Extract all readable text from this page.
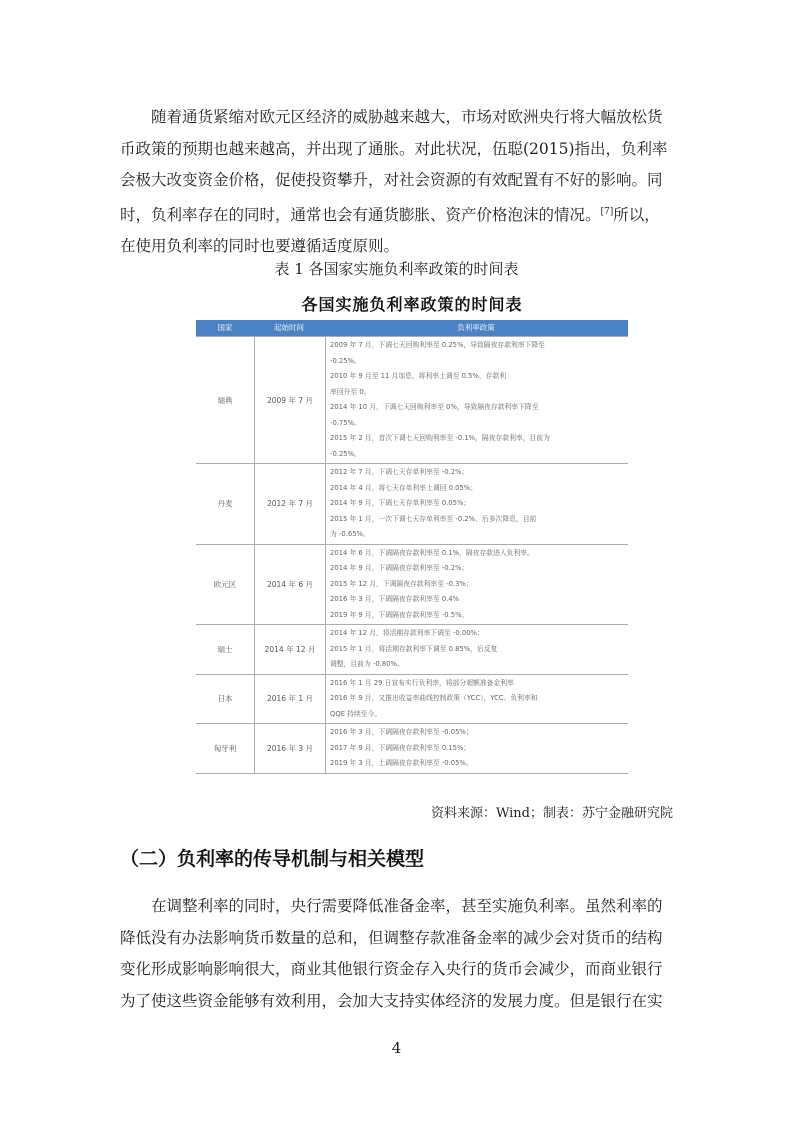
随着通货紧缩对欧元区经济的威胁越来越大，市场对欧洲央行将大幅放松货
币政策的预期也越来越高，并出现了通胀。对此状况，伍聪(2015)指出，负利率
会极大改变资金价格，促使投资攀升，对社会资源的有效配置有不好的影响。同
时，负利率存在的同时，通常也会有通货膨胀、资产价格泡沫的情况。[7]所以，
在使用负利率的同时也要遵循适度原则。

表 1 各国家实施负利率政策的时间表

各国实施负利率政策的时间表
国家	起始时间	负利率政策
瑞典	2009 年 7 月
2009 年 7 月，下调七天回购利率至 0.25%，导致隔夜存款利率下降至
-0.25%。
2010 年 9 月至 11 月加息，将利率上调至 0.5%，存款利
率回升至 0。
2014 年 10 月，下调七天回购利率至 0%，导致隔夜存款利率下降至
-0.75%。
2015 年 2 月，首次下调七天回购利率至 -0.1%，隔夜存款利率，目前为
-0.25%。
丹麦	2012 年 7 月
2012 年 7 月，下调七天存单利率至 -0.2%；
2014 年 4 月，将七天存单利率上调回 0.05%；
2014 年 9 月，下调七天存单利率至 0.05%；
2015 年 1 月，一次下调七天存单利率至 -0.2%，后多次降息，目前
为 -0.65%。
欧元区	2014 年 6 月
2014 年 6 月，下调隔夜存款利率至 0.1%，隔夜存款进入负利率。
2014 年 9 月，下调隔夜存款利率至 -0.2%；
2015 年 12 月，下调隔夜存款利率至 -0.3%；
2016 年 3 月，下调隔夜存款利率至 0.4%
2019 年 9 月，下调隔夜存款利率至 -0.5%。
瑞士	2014 年 12 月
2014 年 12 月，将活期存款利率下调至 -0.00%；
2015 年 1 月，将活期存款利率下调至 0.85%，后反复
调整，目前为 -0.80%。
日本	2016 年 1 月
2016 年 1 月 29 日宣布实行负利率，将部分超额准备金利率
2016 年 9 月，又推出收益率曲线控制政策（YCC），YCC、负利率和
QQE 持续至今。
匈牙利	2016 年 3 月
2016 年 3 月，下调隔夜存款利率至 -0.05%；
2017 年 9 月，下调隔夜存款利率至 0.15%；
2019 年 3 月，上调隔夜存款利率至 -0.05%。

资料来源：Wind；制表：苏宁金融研究院

（二）负利率的传导机制与相关模型
在调整利率的同时，央行需要降低准备金率，甚至实施负利率。虽然利率的
降低没有办法影响货币数量的总和，但调整存款准备金率的减少会对货币的结构
变化形成影响影响很大，商业其他银行资金存入央行的货币会减少，而商业银行
为了使这些资金能够有效利用，会加大支持实体经济的发展力度。但是银行在实

4
